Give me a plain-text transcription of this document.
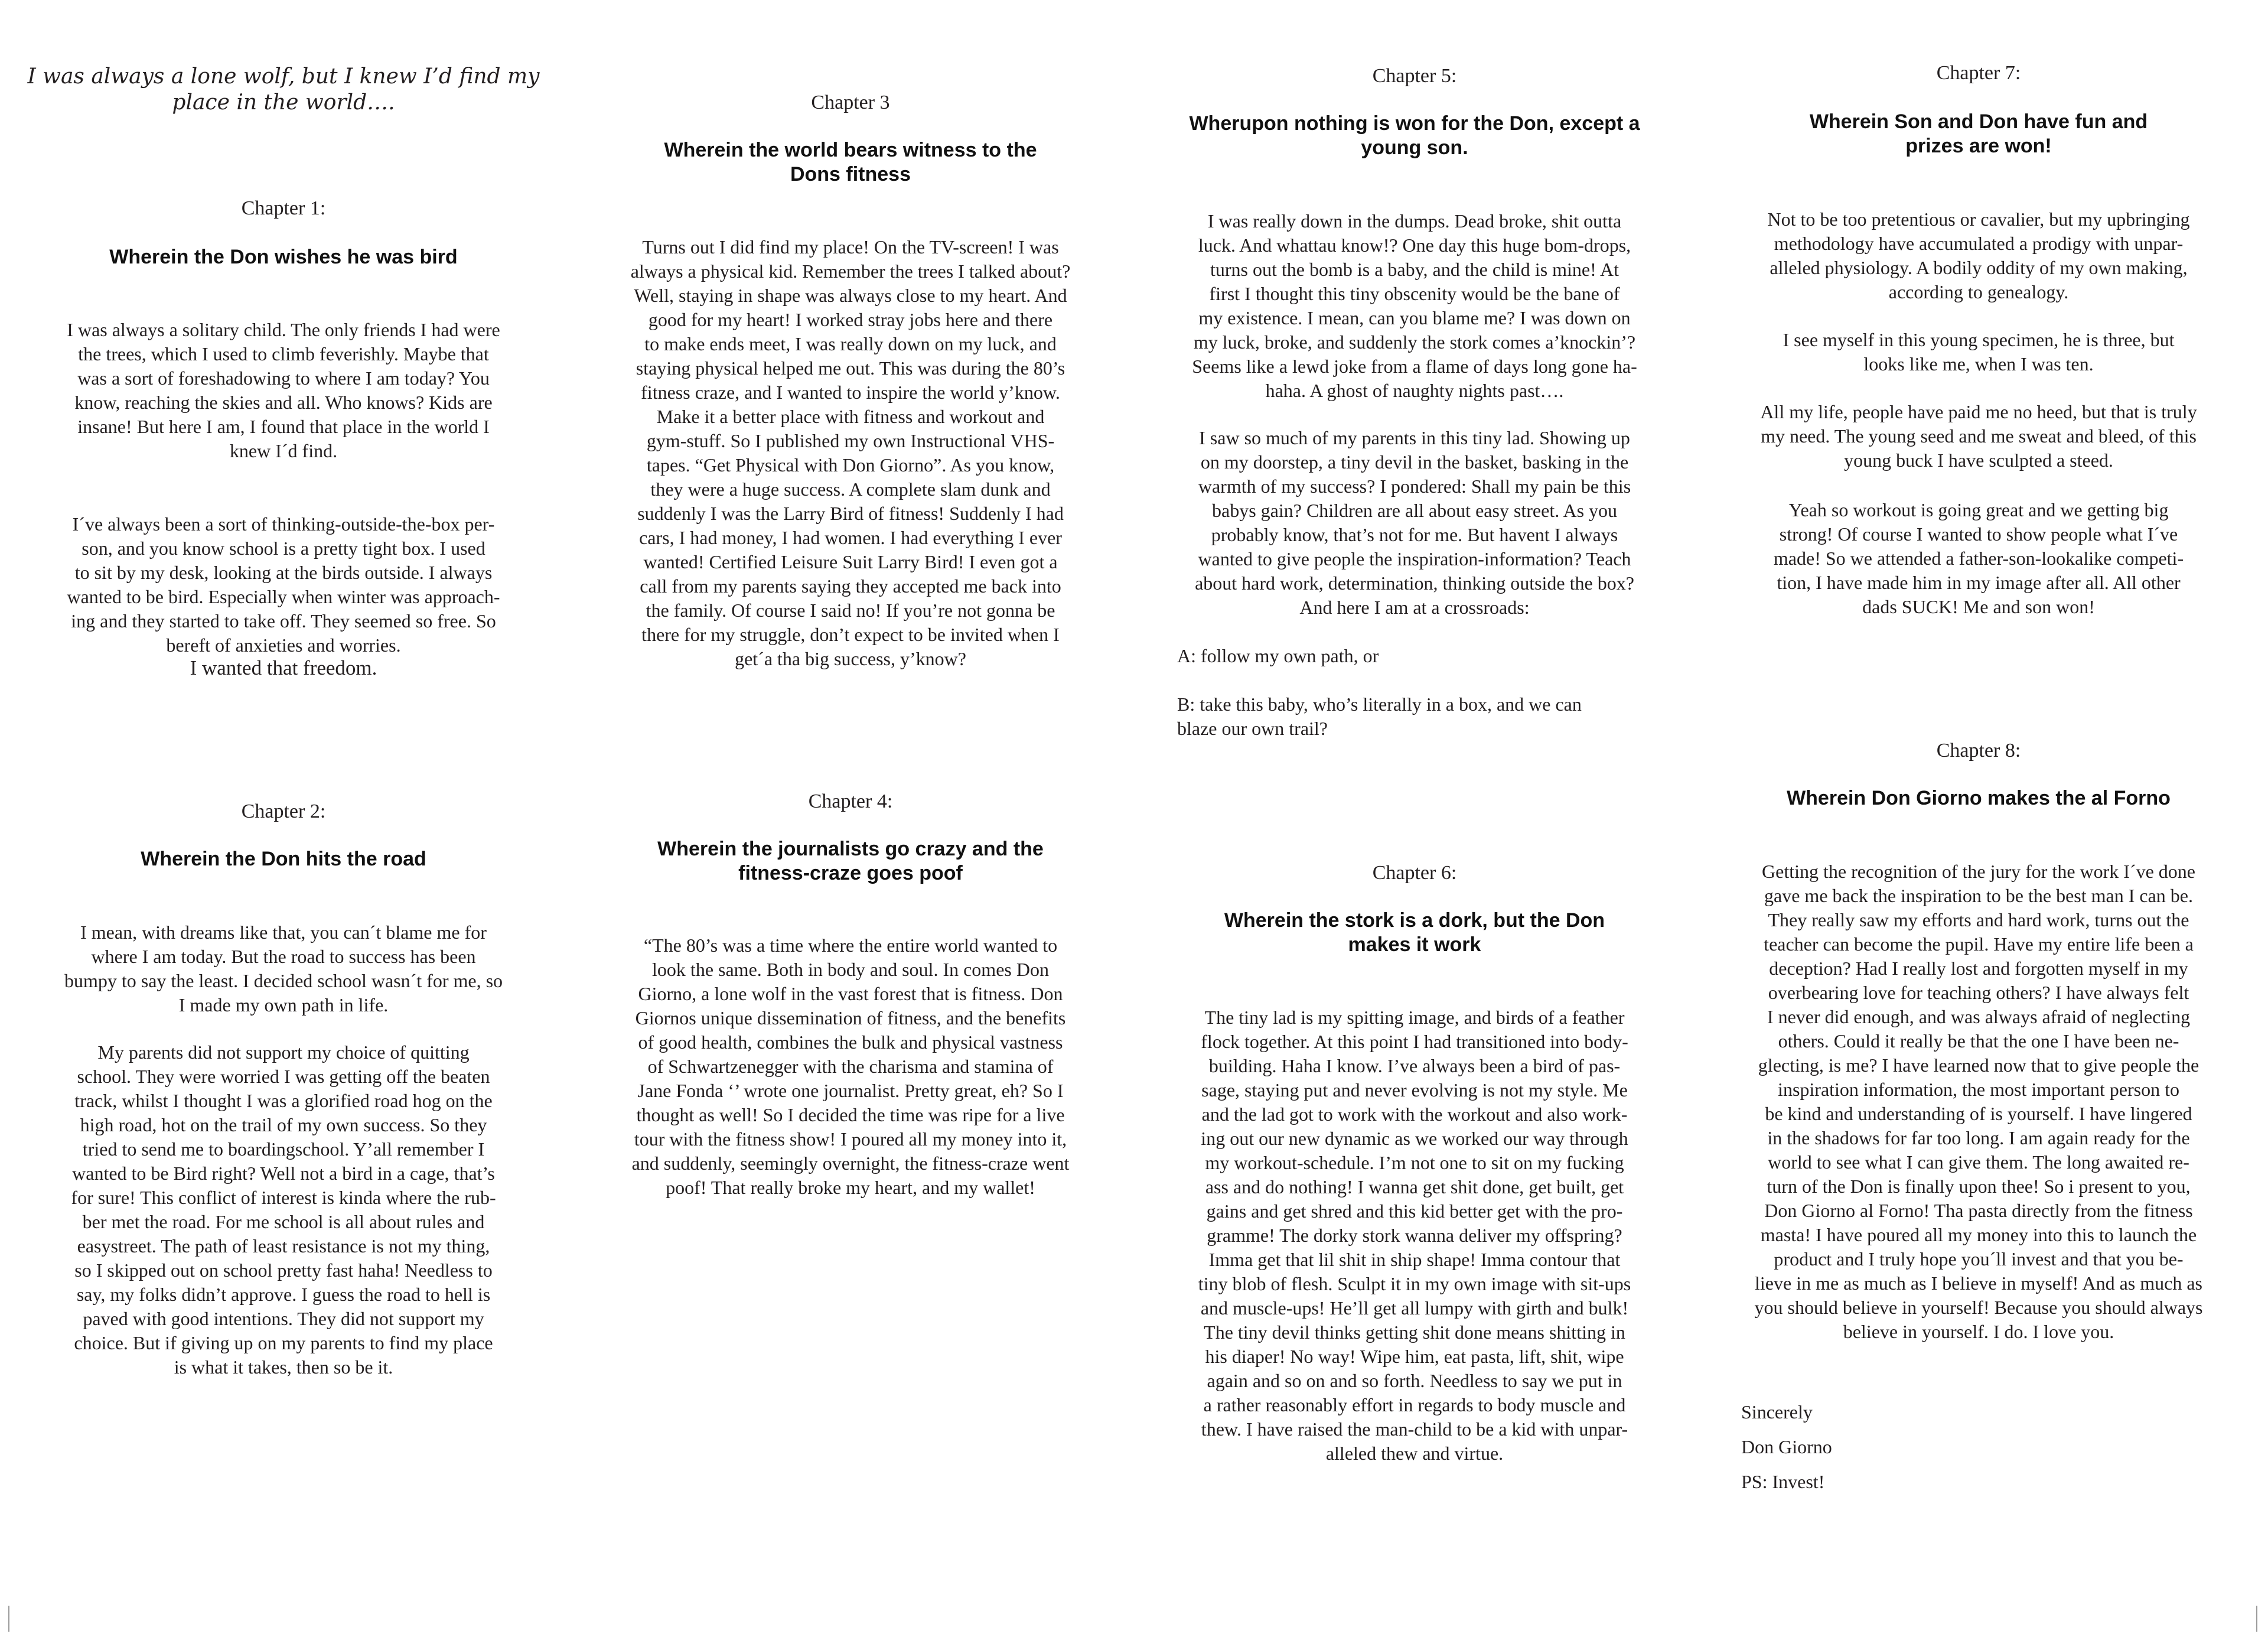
I was always a lone wolf, but I knew I’d find my
place in the world….
Chapter 1:
Wherein the Don wishes he was bird
I was always a solitary child. The only friends I had were
the trees, which I used to climb feverishly. Maybe that
was a sort of foreshadowing to where I am today? You
know, reaching the skies and all. Who knows? Kids are
insane! But here I am, I found that place in the world I
knew I´d find.
I´ve always been a sort of thinking-outside-the-box per-
son, and you know school is a pretty tight box. I used
to sit by my desk, looking at the birds outside. I always
wanted to be bird. Especially when winter was approach-
ing and they started to take off. They seemed so free. So
bereft of anxieties and worries.
I wanted that freedom.
Chapter 2:
Wherein the Don hits the road
I mean, with dreams like that, you can´t blame me for
where I am today. But the road to success has been
bumpy to say the least. I decided school wasn´t for me, so
I made my own path in life.
My parents did not support my choice of quitting
school. They were worried I was getting off the beaten
track, whilst I thought I was a glorified road hog on the
high road, hot on the trail of my own success. So they
tried to send me to boardingschool. Y’all remember I
wanted to be Bird right? Well not a bird in a cage, that’s
for sure! This conflict of interest is kinda where the rub-
ber met the road. For me school is all about rules and
easystreet. The path of least resistance is not my thing,
so I skipped out on school pretty fast haha! Needless to
say, my folks didn’t approve. I guess the road to hell is
paved with good intentions. They did not support my
choice. But if giving up on my parents to find my place
is what it takes, then so be it.
Chapter 3
Wherein the world bears witness to the
Dons fitness
Turns out I did find my place! On the TV-screen! I was
always a physical kid. Remember the trees I talked about?
Well, staying in shape was always close to my heart. And
good for my heart! I worked stray jobs here and there
to make ends meet, I was really down on my luck, and
staying physical helped me out. This was during the 80’s
fitness craze, and I wanted to inspire the world y’know.
Make it a better place with fitness and workout and
gym-stuff. So I published my own Instructional VHS-
tapes. “Get Physical with Don Giorno”. As you know,
they were a huge success. A complete slam dunk and
suddenly I was the Larry Bird of fitness! Suddenly I had
cars, I had money, I had women. I had everything I ever
wanted! Certified Leisure Suit Larry Bird! I even got a
call from my parents saying they accepted me back into
the family. Of course I said no! If you’re not gonna be
there for my struggle, don’t expect to be invited when I
get´a tha big success, y’know?
Chapter 4:
Wherein the journalists go crazy and the
fitness-craze goes poof
“The 80’s was a time where the entire world wanted to
look the same. Both in body and soul. In comes Don
Giorno, a lone wolf in the vast forest that is fitness. Don
Giornos unique dissemination of fitness, and the benefits
of good health, combines the bulk and physical vastness
of Schwartzenegger with the charisma and stamina of
Jane Fonda ‘’ wrote one journalist. Pretty great, eh? So I
thought as well! So I decided the time was ripe for a live
tour with the fitness show! I poured all my money into it,
and suddenly, seemingly overnight, the fitness-craze went
poof! That really broke my heart, and my wallet!
Chapter 5:
Wherupon nothing is won for the Don, except a
young son.
I was really down in the dumps. Dead broke, shit outta
luck. And whattau know!? One day this huge bom-drops,
turns out the bomb is a baby, and the child is mine! At
first I thought this tiny obscenity would be the bane of
my existence. I mean, can you blame me? I was down on
my luck, broke, and suddenly the stork comes a’knockin’?
Seems like a lewd joke from a flame of days long gone ha-
haha. A ghost of naughty nights past….
I saw so much of my parents in this tiny lad. Showing up
on my doorstep, a tiny devil in the basket, basking in the
warmth of my success? I pondered: Shall my pain be this
babys gain? Children are all about easy street. As you
probably know, that’s not for me. But havent I always
wanted to give people the inspiration-information? Teach
about hard work, determination, thinking outside the box?
And here I am at a crossroads:
A: follow my own path, or
B: take this baby, who’s literally in a box, and we can
blaze our own trail?
Chapter 6:
Wherein the stork is a dork, but the Don
makes it work
The tiny lad is my spitting image, and birds of a feather
flock together. At this point I had transitioned into body-
building. Haha I know. I’ve always been a bird of pas-
sage, staying put and never evolving is not my style. Me
and the lad got to work with the workout and also work-
ing out our new dynamic as we worked our way through
my workout-schedule. I’m not one to sit on my fucking
ass and do nothing! I wanna get shit done, get built, get
gains and get shred and this kid better get with the pro-
gramme! The dorky stork wanna deliver my offspring?
Imma get that lil shit in ship shape! Imma contour that
tiny blob of flesh. Sculpt it in my own image with sit-ups
and muscle-ups! He’ll get all lumpy with girth and bulk!
The tiny devil thinks getting shit done means shitting in
his diaper! No way! Wipe him, eat pasta, lift, shit, wipe
again and so on and so forth. Needless to say we put in
a rather reasonably effort in regards to body muscle and
thew. I have raised the man-child to be a kid with unpar-
alleled thew and virtue.
Chapter 7:
Wherein Son and Don have fun and
prizes are won!
Not to be too pretentious or cavalier, but my upbringing
methodology have accumulated a prodigy with unpar-
alleled physiology. A bodily oddity of my own making,
according to genealogy.
I see myself in this young specimen, he is three, but
looks like me, when I was ten.
All my life, people have paid me no heed, but that is truly
my need. The young seed and me sweat and bleed, of this
young buck I have sculpted a steed.
Yeah so workout is going great and we getting big
strong! Of course I wanted to show people what I´ve
made! So we attended a father-son-lookalike competi-
tion, I have made him in my image after all. All other
dads SUCK! Me and son won!
Chapter 8:
Wherein Don Giorno makes the al Forno
Getting the recognition of the jury for the work I´ve done
gave me back the inspiration to be the best man I can be.
They really saw my efforts and hard work, turns out the
teacher can become the pupil. Have my entire life been a
deception? Had I really lost and forgotten myself in my
overbearing love for teaching others? I have always felt
I never did enough, and was always afraid of neglecting
others. Could it really be that the one I have been ne-
glecting, is me? I have learned now that to give people the
inspiration information, the most important person to
be kind and understanding of is yourself. I have lingered
in the shadows for far too long. I am again ready for the
world to see what I can give them. The long awaited re-
turn of the Don is finally upon thee! So i present to you,
Don Giorno al Forno! Tha pasta directly from the fitness
masta! I have poured all my money into this to launch the
product and I truly hope you´ll invest and that you be-
lieve in me as much as I believe in myself! And as much as
you should believe in yourself! Because you should always
believe in yourself. I do. I love you.
Sincerely
Don Giorno
PS: Invest!
